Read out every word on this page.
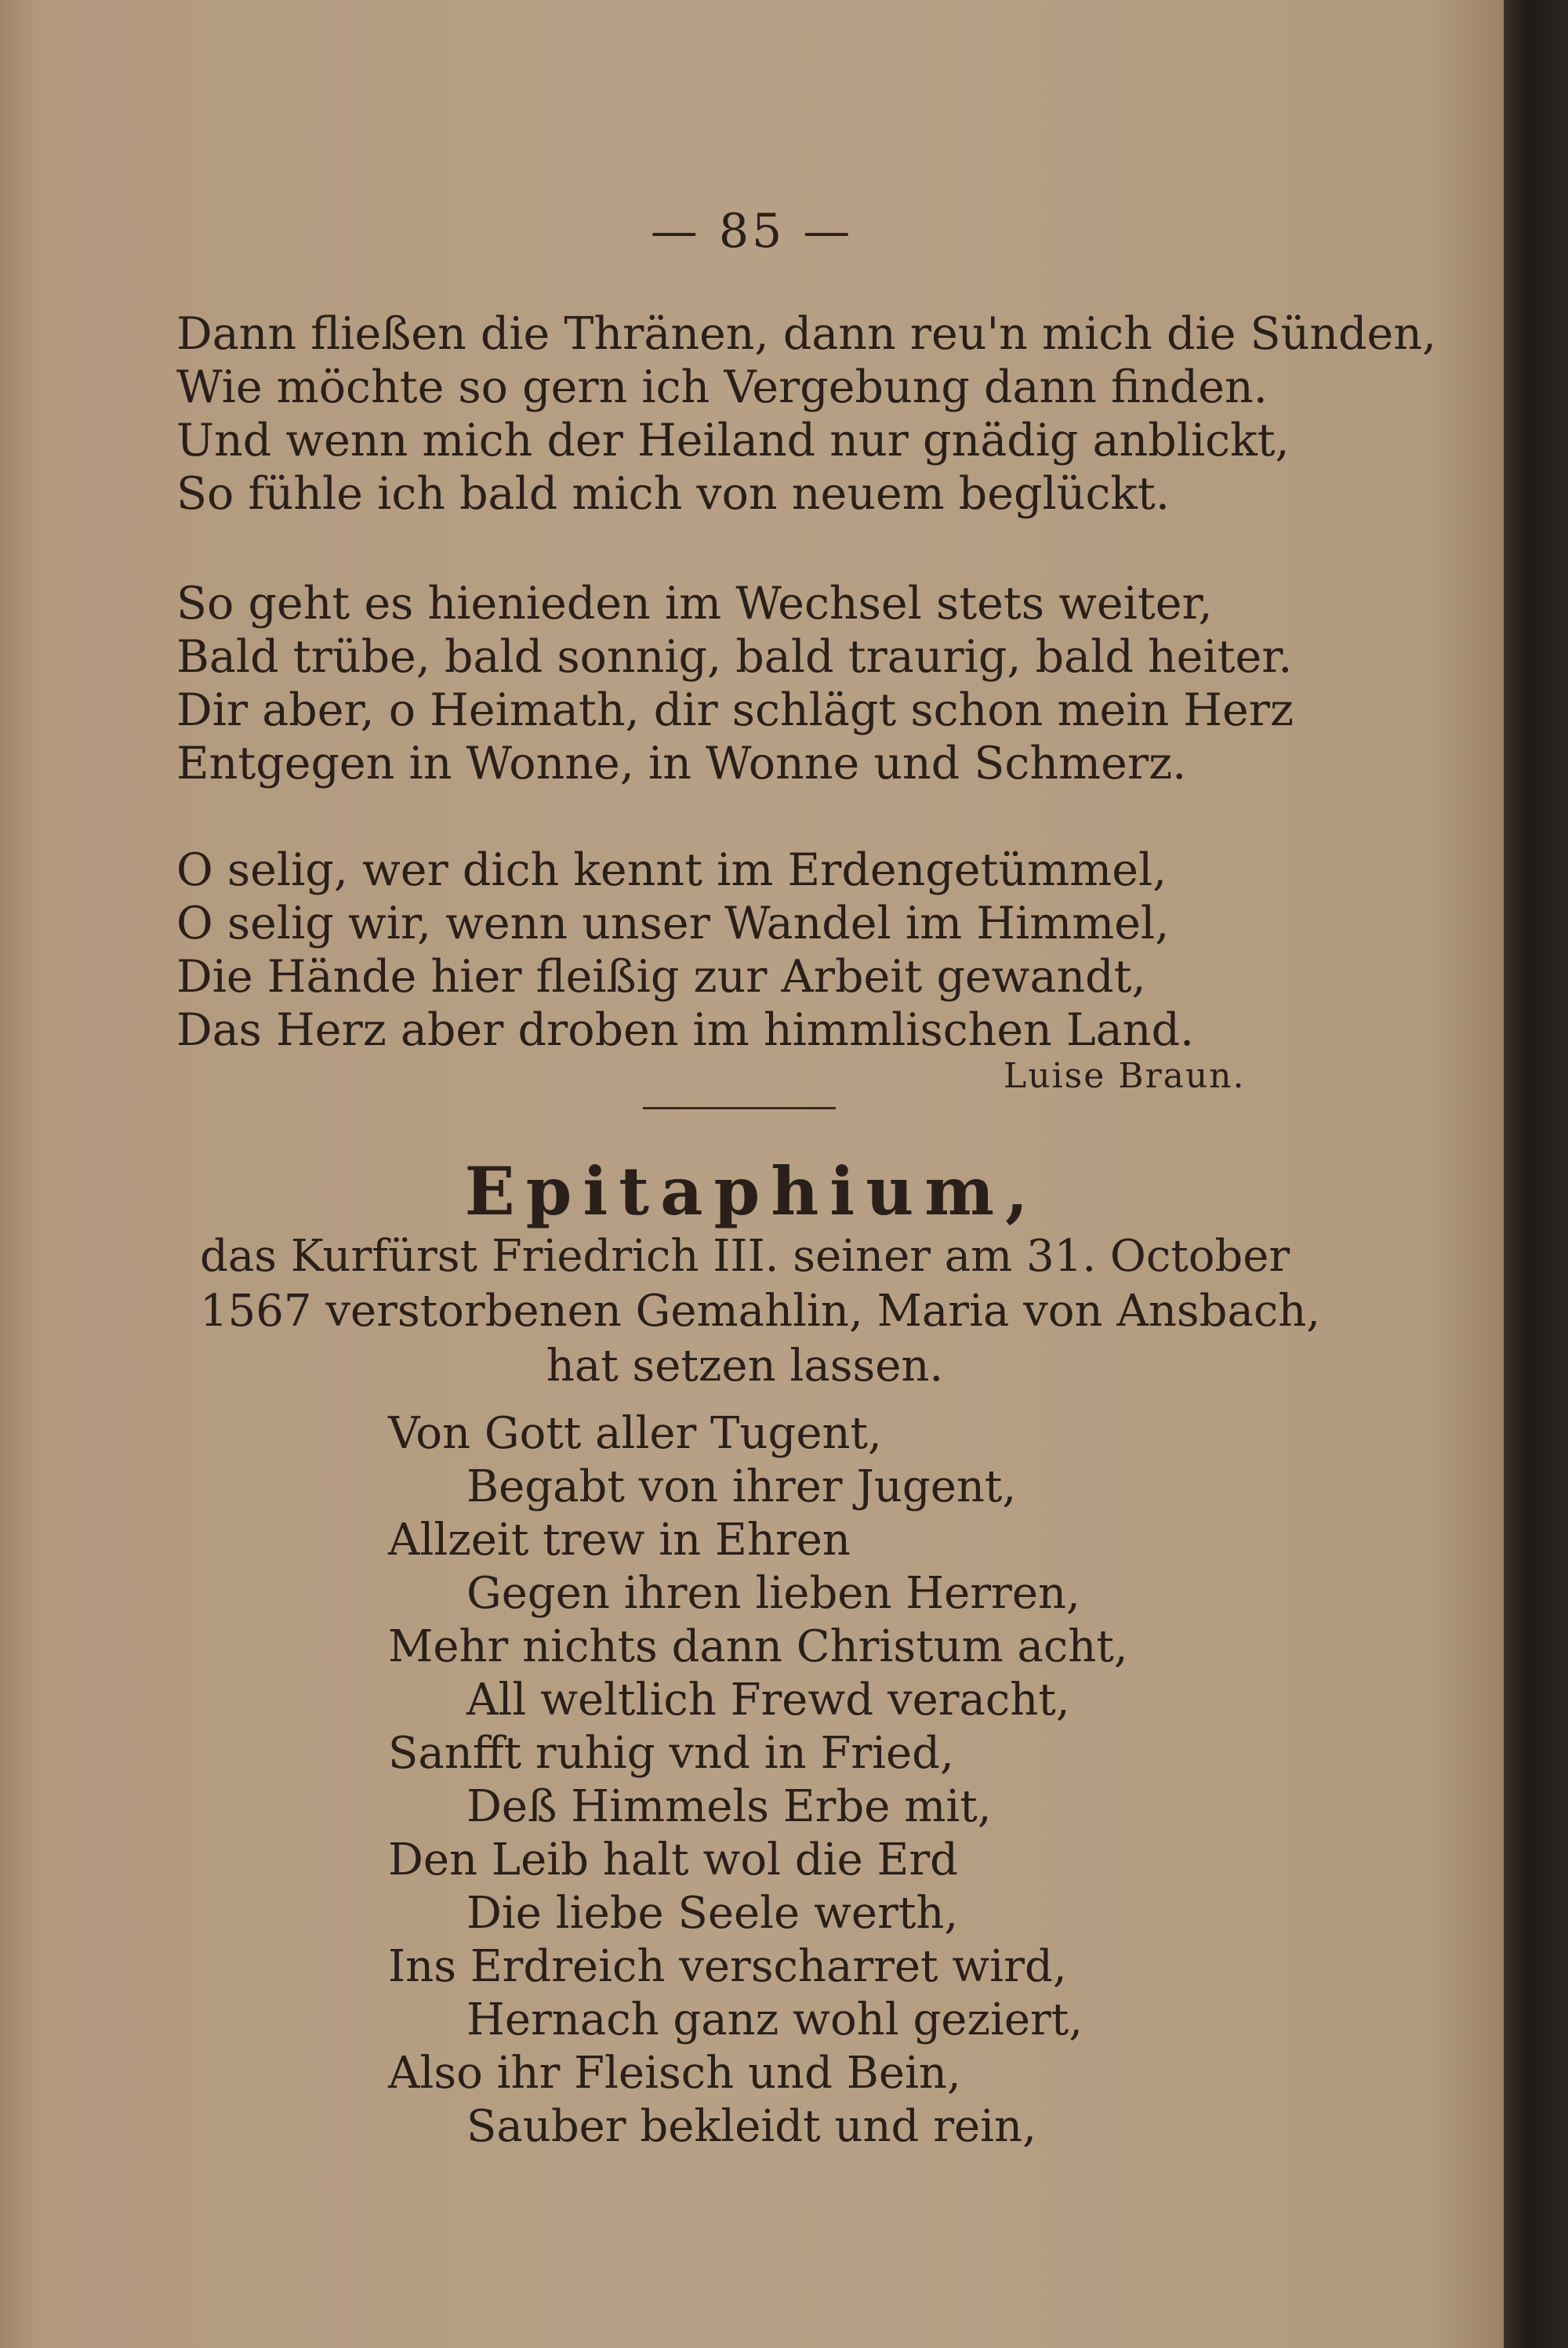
— 85 —
Dann fließen die Thränen, dann reu'n mich die Sünden,
Wie möchte so gern ich Vergebung dann finden.
Und wenn mich der Heiland nur gnädig anblickt,
So fühle ich bald mich von neuem beglückt.
So geht es hienieden im Wechsel stets weiter,
Bald trübe, bald sonnig, bald traurig, bald heiter.
Dir aber, o Heimath, dir schlägt schon mein Herz
Entgegen in Wonne, in Wonne und Schmerz.
O selig, wer dich kennt im Erdengetümmel,
O selig wir, wenn unser Wandel im Himmel,
Die Hände hier fleißig zur Arbeit gewandt,
Das Herz aber droben im himmlischen Land.
Luise Braun.
Epitaphium,
das Kurfürst Friedrich III. seiner am 31. October
1567 verstorbenen Gemahlin, Maria von Ansbach,
hat setzen lassen.
Von Gott aller Tugent,
Begabt von ihrer Jugent,
Allzeit trew in Ehren
Gegen ihren lieben Herren,
Mehr nichts dann Christum acht,
All weltlich Frewd veracht,
Sanfft ruhig vnd in Fried,
Deß Himmels Erbe mit,
Den Leib halt wol die Erd
Die liebe Seele werth,
Ins Erdreich verscharret wird,
Hernach ganz wohl geziert,
Also ihr Fleisch und Bein,
Sauber bekleidt und rein,
